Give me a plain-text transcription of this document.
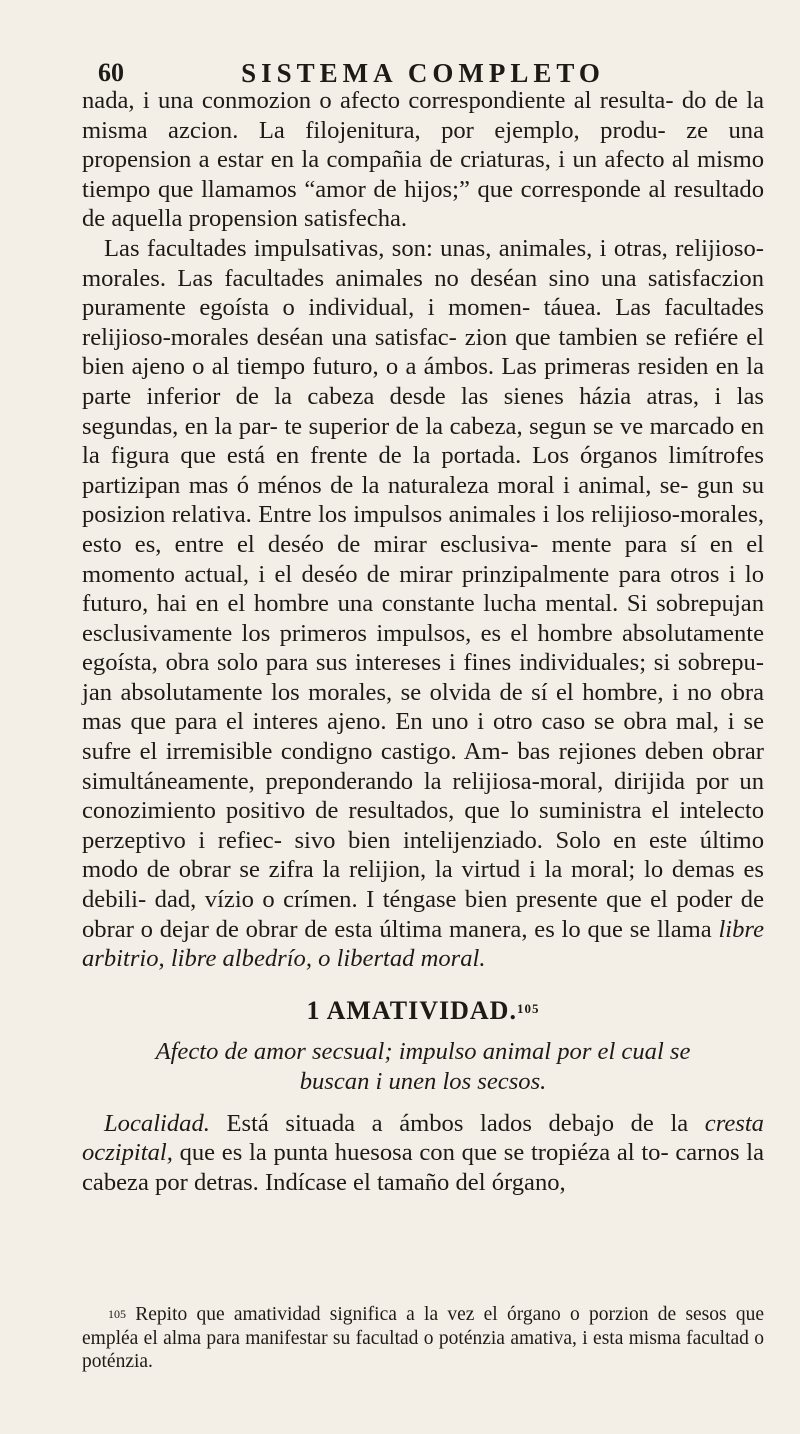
60	SISTEMA COMPLETO

nada, i una conmozion o afecto correspondiente al resulta- do de la misma azcion. La filojenitura, por ejemplo, produ- ze una propension a estar en la compañia de criaturas, i un afecto al mismo tiempo que llamamos “amor de hijos;” que corresponde al resultado de aquella propension satisfecha.

Las facultades impulsativas, son: unas, animales, i otras, relijioso-morales. Las facultades animales no deséan sino una satisfaczion puramente egoísta o individual, i momen- táuea. Las facultades relijioso-morales deséan una satisfac- zion que tambien se refiére el bien ajeno o al tiempo futuro, o a ámbos. Las primeras residen en la parte inferior de la cabeza desde las sienes házia atras, i las segundas, en la par- te superior de la cabeza, segun se ve marcado en la figura que está en frente de la portada. Los órganos limítrofes partizipan mas ó ménos de la naturaleza moral i animal, se- gun su posizion relativa. Entre los impulsos animales i los relijioso-morales, esto es, entre el deséo de mirar esclusiva- mente para sí en el momento actual, i el deséo de mirar prinzipalmente para otros i lo futuro, hai en el hombre una constante lucha mental. Si sobrepujan esclusivamente los primeros impulsos, es el hombre absolutamente egoísta, obra solo para sus intereses i fines individuales; si sobrepu- jan absolutamente los morales, se olvida de sí el hombre, i no obra mas que para el interes ajeno. En uno i otro caso se obra mal, i se sufre el irremisible condigno castigo. Am- bas rejiones deben obrar simultáneamente, preponderando la relijiosa-moral, dirijida por un conozimiento positivo de resultados, que lo suministra el intelecto perzeptivo i refiec- sivo bien intelijenziado. Solo en este último modo de obrar se zifra la relijion, la virtud i la moral; lo demas es debili- dad, vízio o crímen. I téngase bien presente que el poder de obrar o dejar de obrar de esta última manera, es lo que se llama libre arbitrio, libre albedrío, o libertad moral.

1 AMATIVIDAD.$^{105}$
Afecto de amor secsual; impulso animal por el cual se
buscan i unen los secsos.

Localidad. Está situada a ámbos lados debajo de la cresta oczipital, que es la punta huesosa con que se tropiéza al to- carnos la cabeza por detras. Indícase el tamaño del órgano,

$^{105}$ Repito que amatividad significa a la vez el órgano o porzion de sesos que empléa el alma para manifestar su facultad o poténzia amativa, i esta misma facultad o poténzia.
